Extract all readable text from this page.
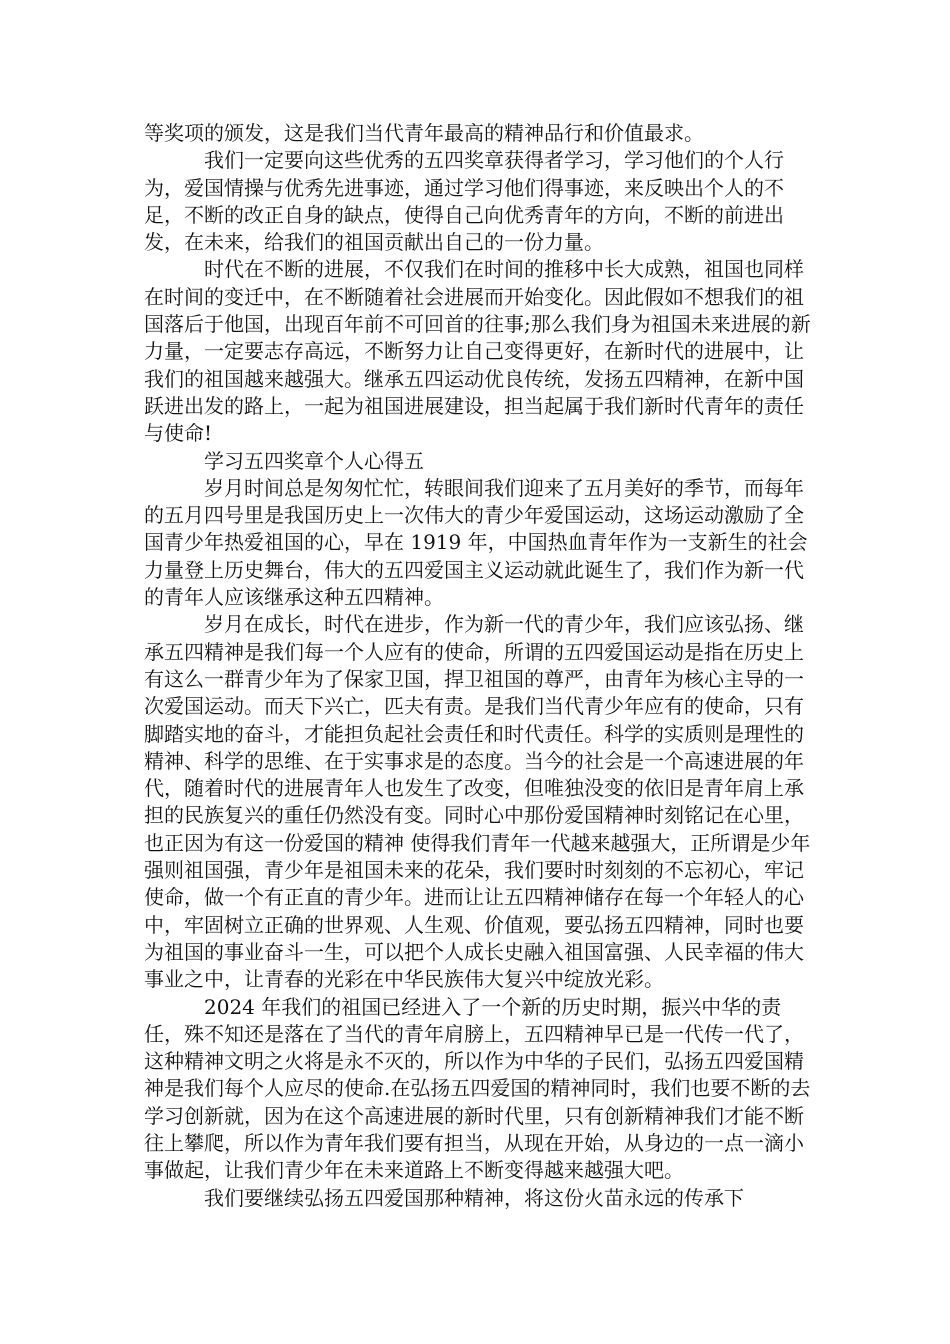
等奖项的颁发，这是我们当代青年最高的精神品行和价值最求。

我们一定要向这些优秀的五四奖章获得者学习，学习他们的个人行为，爱国情操与优秀先进事迹，通过学习他们得事迹，来反映出个人的不足，不断的改正自身的缺点，使得自己向优秀青年的方向，不断的前进出发，在未来，给我们的祖国贡献出自己的一份力量。

时代在不断的进展，不仅我们在时间的推移中长大成熟，祖国也同样在时间的变迁中，在不断随着社会进展而开始变化。因此假如不想我们的祖国落后于他国，出现百年前不可回首的往事;那么我们身为祖国未来进展的新力量，一定要志存高远，不断努力让自己变得更好，在新时代的进展中，让我们的祖国越来越强大。继承五四运动优良传统，发扬五四精神，在新中国跃进出发的路上，一起为祖国进展建设，担当起属于我们新时代青年的责任与使命!

学习五四奖章个人心得五

岁月时间总是匆匆忙忙，转眼间我们迎来了五月美好的季节，而每年的五月四号里是我国历史上一次伟大的青少年爱国运动，这场运动激励了全国青少年热爱祖国的心，早在 1919 年，中国热血青年作为一支新生的社会力量登上历史舞台，伟大的五四爱国主义运动就此诞生了，我们作为新一代的青年人应该继承这种五四精神。

岁月在成长，时代在进步，作为新一代的青少年，我们应该弘扬、继承五四精神是我们每一个人应有的使命，所谓的五四爱国运动是指在历史上有这么一群青少年为了保家卫国，捍卫祖国的尊严，由青年为核心主导的一次爱国运动。而天下兴亡，匹夫有责。是我们当代青少年应有的使命，只有脚踏实地的奋斗，才能担负起社会责任和时代责任。科学的实质则是理性的精神、科学的思维、在于实事求是的态度。当今的社会是一个高速进展的年代，随着时代的进展青年人也发生了改变，但唯独没变的依旧是青年肩上承担的民族复兴的重任仍然没有变。同时心中那份爱国精神时刻铭记在心里，也正因为有这一份爱国的精神 使得我们青年一代越来越强大，正所谓是少年强则祖国强，青少年是祖国未来的花朵，我们要时时刻刻的不忘初心，牢记使命，做一个有正直的青少年。进而让让五四精神储存在每一个年轻人的心中，牢固树立正确的世界观、人生观、价值观，要弘扬五四精神，同时也要为祖国的事业奋斗一生，可以把个人成长史融入祖国富强、人民幸福的伟大事业之中，让青春的光彩在中华民族伟大复兴中绽放光彩。

2024 年我们的祖国已经进入了一个新的历史时期，振兴中华的责任，殊不知还是落在了当代的青年肩膀上，五四精神早已是一代传一代了，这种精神文明之火将是永不灭的，所以作为中华的子民们，弘扬五四爱国精神是我们每个人应尽的使命.在弘扬五四爱国的精神同时，我们也要不断的去学习创新就，因为在这个高速进展的新时代里，只有创新精神我们才能不断往上攀爬，所以作为青年我们要有担当，从现在开始，从身边的一点一滴小事做起，让我们青少年在未来道路上不断变得越来越强大吧。

我们要继续弘扬五四爱国那种精神，将这份火苗永远的传承下
